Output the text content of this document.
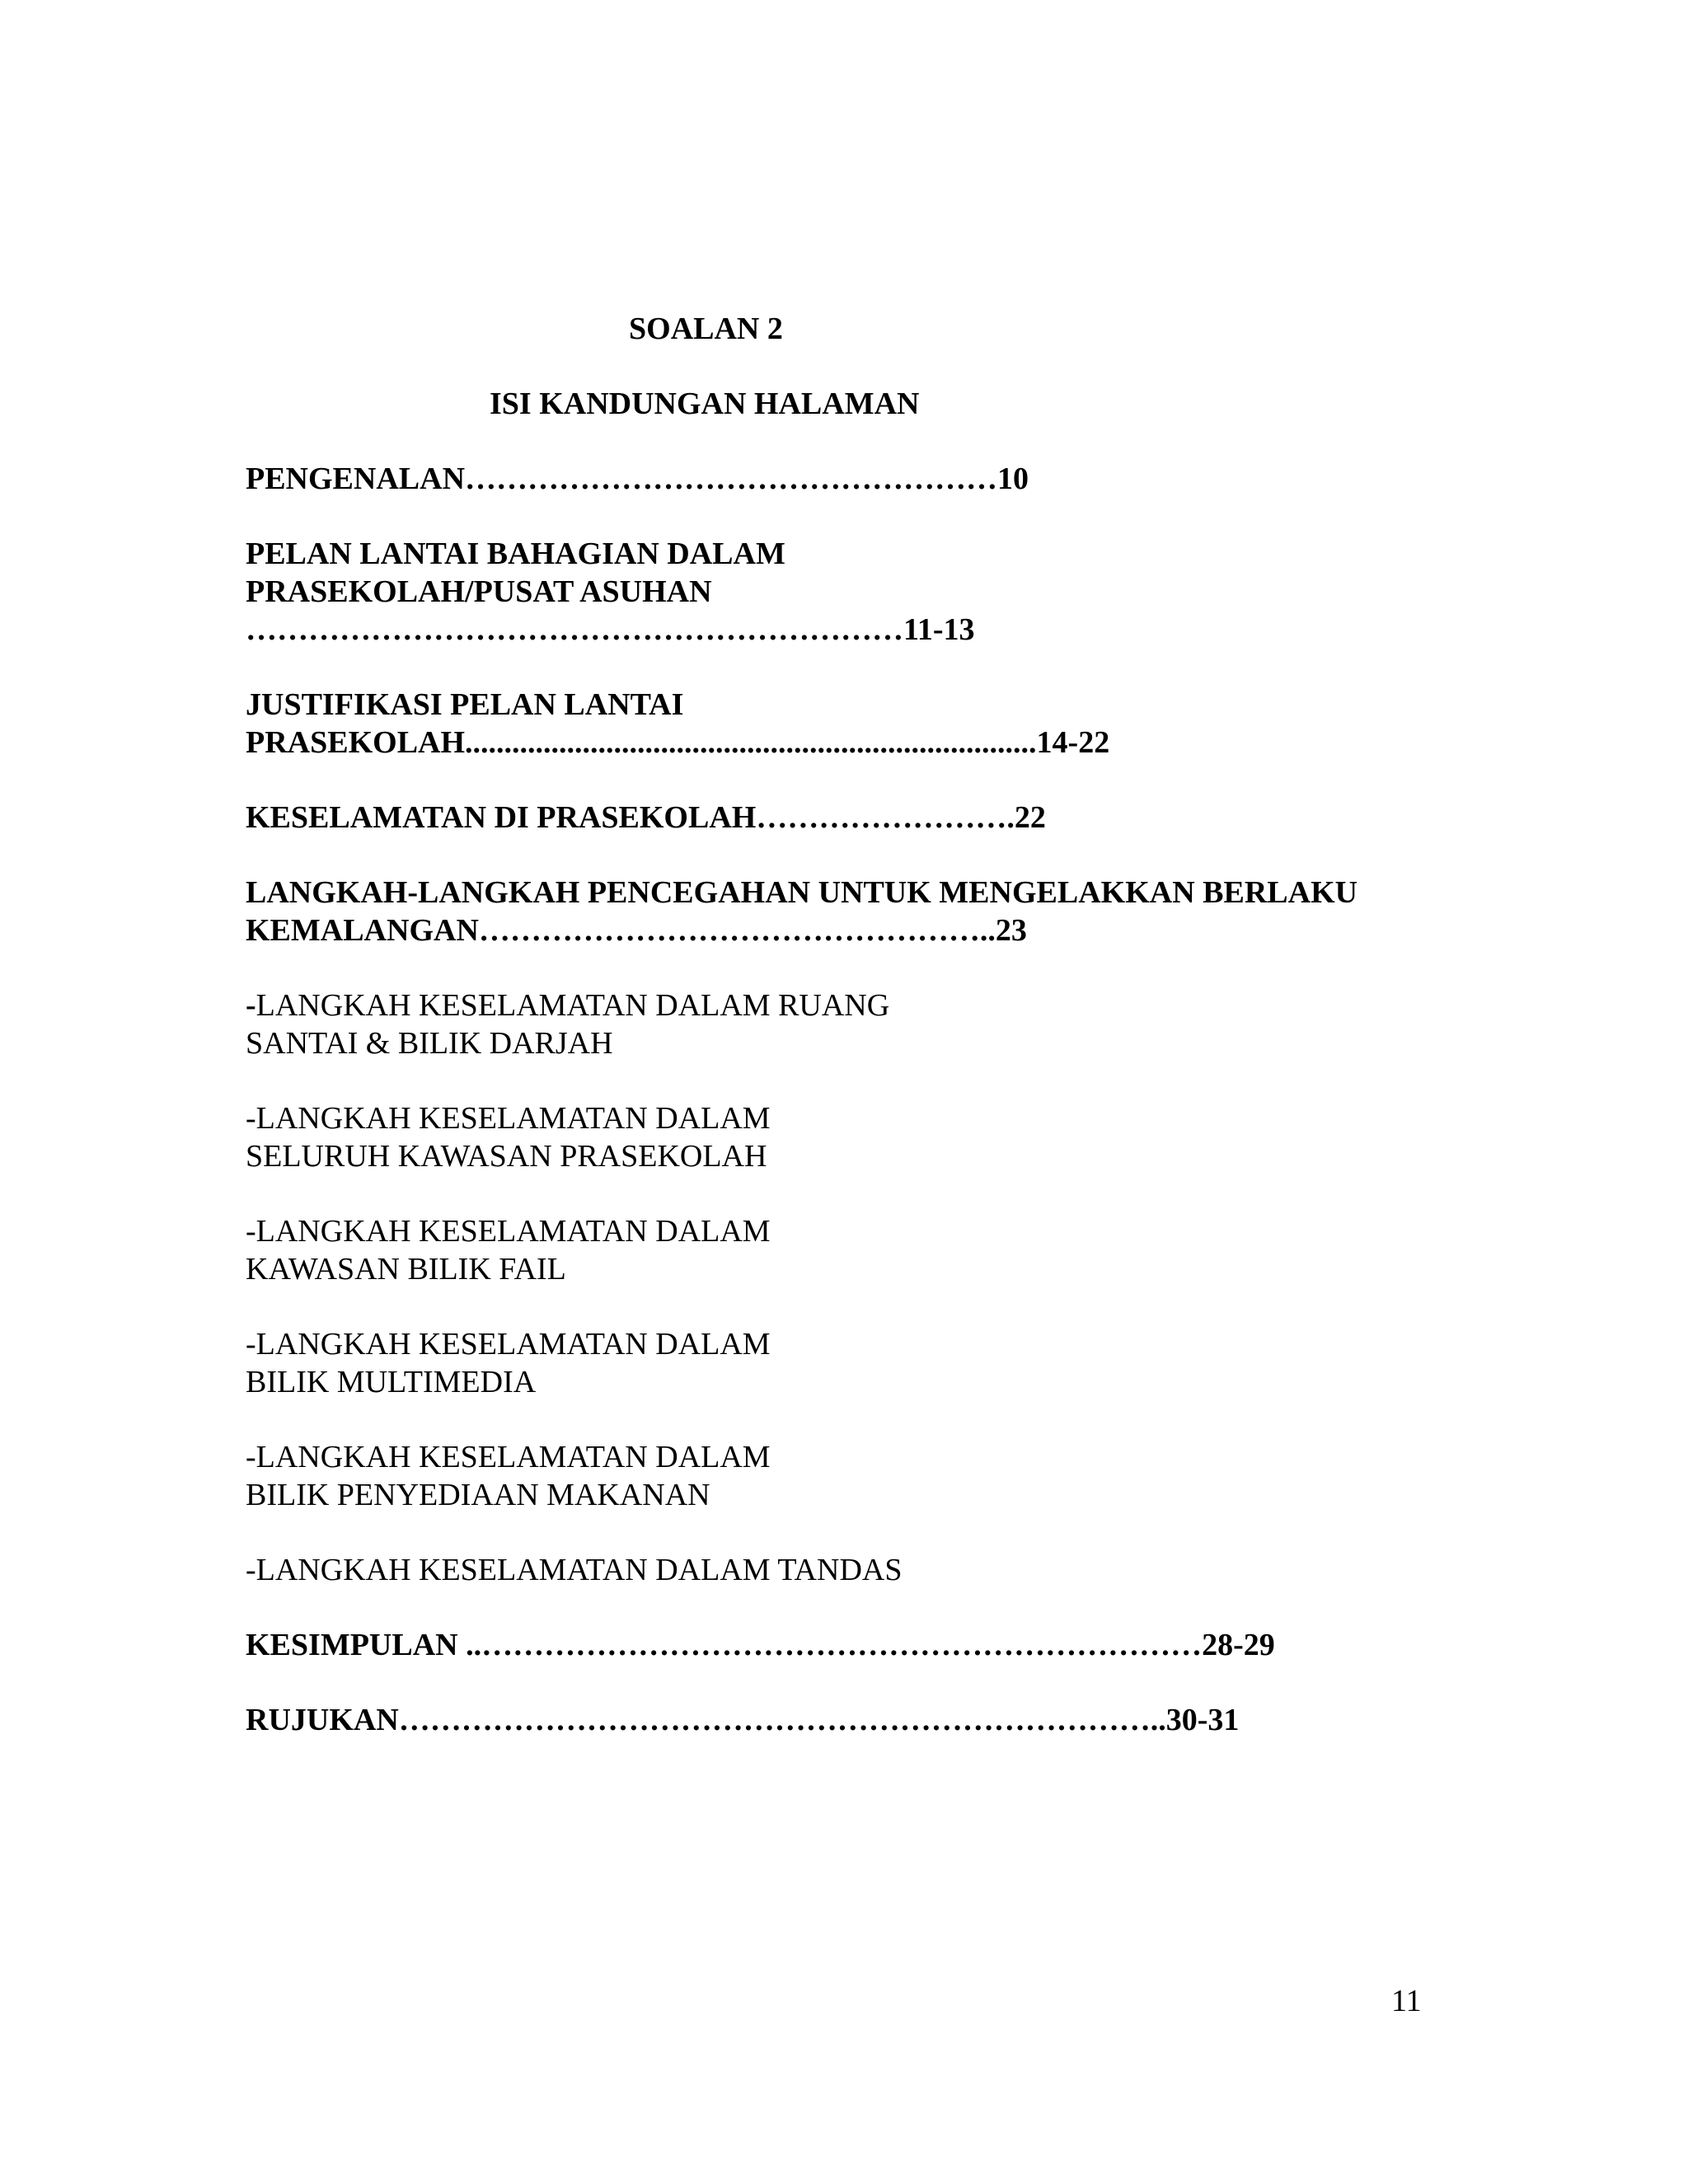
SOALAN 2
ISI KANDUNGAN HALAMAN
PENGENALAN……………………………………………10
PELAN LANTAI BAHAGIAN DALAM
PRASEKOLAH/PUSAT ASUHAN
………………………………………………………11-13
JUSTIFIKASI PELAN LANTAI
PRASEKOLAH.........................................................................14-22
KESELAMATAN DI PRASEKOLAH…………………….22
LANGKAH-LANGKAH PENCEGAHAN UNTUK MENGELAKKAN BERLAKU
KEMALANGAN…………………………………………..23
-LANGKAH KESELAMATAN DALAM RUANG
SANTAI & BILIK DARJAH
-LANGKAH KESELAMATAN DALAM
SELURUH KAWASAN PRASEKOLAH
-LANGKAH KESELAMATAN DALAM
KAWASAN BILIK FAIL
-LANGKAH KESELAMATAN DALAM
BILIK MULTIMEDIA
-LANGKAH KESELAMATAN DALAM
BILIK PENYEDIAAN MAKANAN
-LANGKAH KESELAMATAN DALAM TANDAS
KESIMPULAN ..……………………………………………………………28-29
RUJUKAN………………………………………………………………..30-31
11
